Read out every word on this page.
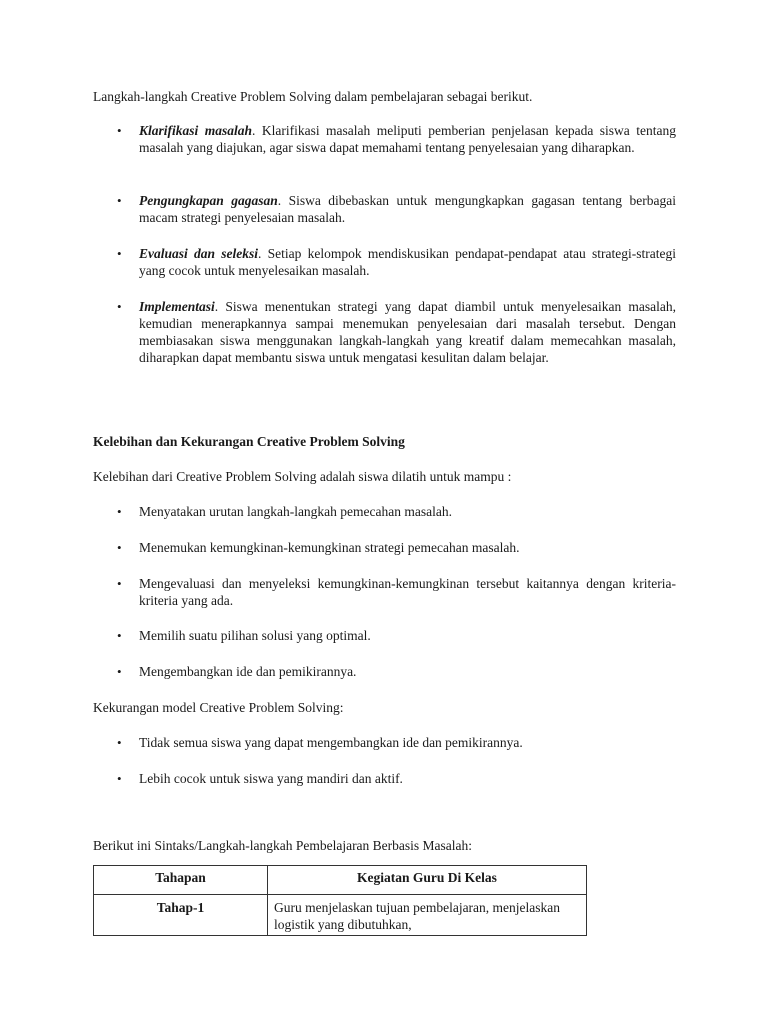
Langkah-langkah Creative Problem Solving dalam pembelajaran sebagai berikut.

•	Klarifikasi masalah. Klarifikasi masalah meliputi pemberian penjelasan kepada siswa tentang masalah yang diajukan, agar siswa dapat memahami tentang penyelesaian yang diharapkan.
•	Pengungkapan gagasan. Siswa dibebaskan untuk mengungkapkan gagasan tentang berbagai macam strategi penyelesaian masalah.
•	Evaluasi dan seleksi. Setiap kelompok mendiskusikan pendapat-pendapat atau strategi-strategi yang cocok untuk menyelesaikan masalah.
•	Implementasi. Siswa menentukan strategi yang dapat diambil untuk menyelesaikan masalah, kemudian menerapkannya sampai menemukan penyelesaian dari masalah tersebut. Dengan membiasakan siswa menggunakan langkah-langkah yang kreatif dalam memecahkan masalah, diharapkan dapat membantu siswa untuk mengatasi kesulitan dalam belajar.

Kelebihan dan Kekurangan Creative Problem Solving

Kelebihan dari Creative Problem Solving adalah siswa dilatih untuk mampu :

•	Menyatakan urutan langkah-langkah pemecahan masalah.
•	Menemukan kemungkinan-kemungkinan strategi pemecahan masalah.
•	Mengevaluasi dan menyeleksi kemungkinan-kemungkinan tersebut kaitannya dengan kriteria-kriteria yang ada.
•	Memilih suatu pilihan solusi yang optimal.
•	Mengembangkan ide dan pemikirannya.

Kekurangan model Creative Problem Solving:

•	Tidak semua siswa yang dapat mengembangkan ide dan pemikirannya.
•	Lebih cocok untuk siswa yang mandiri dan aktif.

Berikut ini Sintaks/Langkah-langkah Pembelajaran Berbasis Masalah:

Tahapan	Kegiatan Guru Di Kelas
Tahap-1	Guru menjelaskan tujuan pembelajaran, menjelaskan logistik yang dibutuhkan,
